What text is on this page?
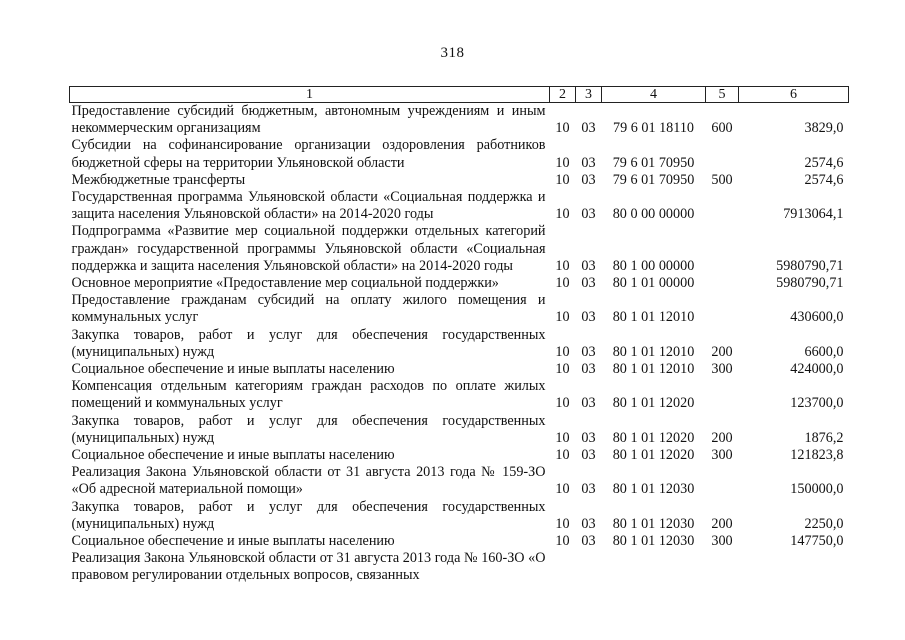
318
1	2	3	4	5	6
Предоставление субсидий бюджетным, автономным учреждениям и иным некоммерческим организациям	10	03	79 6 01 18110	600	3829,0
Субсидии на софинансирование организации оздоровления работников бюджетной сферы на территории Ульяновской области	10	03	79 6 01 70950		2574,6
Межбюджетные трансферты	10	03	79 6 01 70950	500	2574,6
Государственная программа Ульяновской области «Социальная поддержка и защита населения Ульяновской области» на 2014-2020 годы	10	03	80 0 00 00000		7913064,1
Подпрограмма «Развитие мер социальной поддержки отдельных категорий граждан» государственной программы Ульяновской области «Социальная поддержка и защита населения Ульяновской области» на 2014-2020 годы	10	03	80 1 00 00000		5980790,71
Основное мероприятие «Предоставление мер социальной поддержки»	10	03	80 1 01 00000		5980790,71
Предоставление гражданам субсидий на оплату жилого помещения и коммунальных услуг	10	03	80 1 01 12010		430600,0
Закупка товаров, работ и услуг для обеспечения государственных (муниципальных) нужд	10	03	80 1 01 12010	200	6600,0
Социальное обеспечение и иные выплаты населению	10	03	80 1 01 12010	300	424000,0
Компенсация отдельным категориям граждан расходов по оплате жилых помещений и коммунальных услуг	10	03	80 1 01 12020		123700,0
Закупка товаров, работ и услуг для обеспечения государственных (муниципальных) нужд	10	03	80 1 01 12020	200	1876,2
Социальное обеспечение и иные выплаты населению	10	03	80 1 01 12020	300	121823,8
Реализация Закона Ульяновской области от 31 августа 2013 года № 159-ЗО «Об адресной материальной помощи»	10	03	80 1 01 12030		150000,0
Закупка товаров, работ и услуг для обеспечения государственных (муниципальных) нужд	10	03	80 1 01 12030	200	2250,0
Социальное обеспечение и иные выплаты населению	10	03	80 1 01 12030	300	147750,0
Реализация Закона Ульяновской области от 31 августа 2013 года № 160-ЗО «О правовом регулировании отдельных вопросов, связанных					
